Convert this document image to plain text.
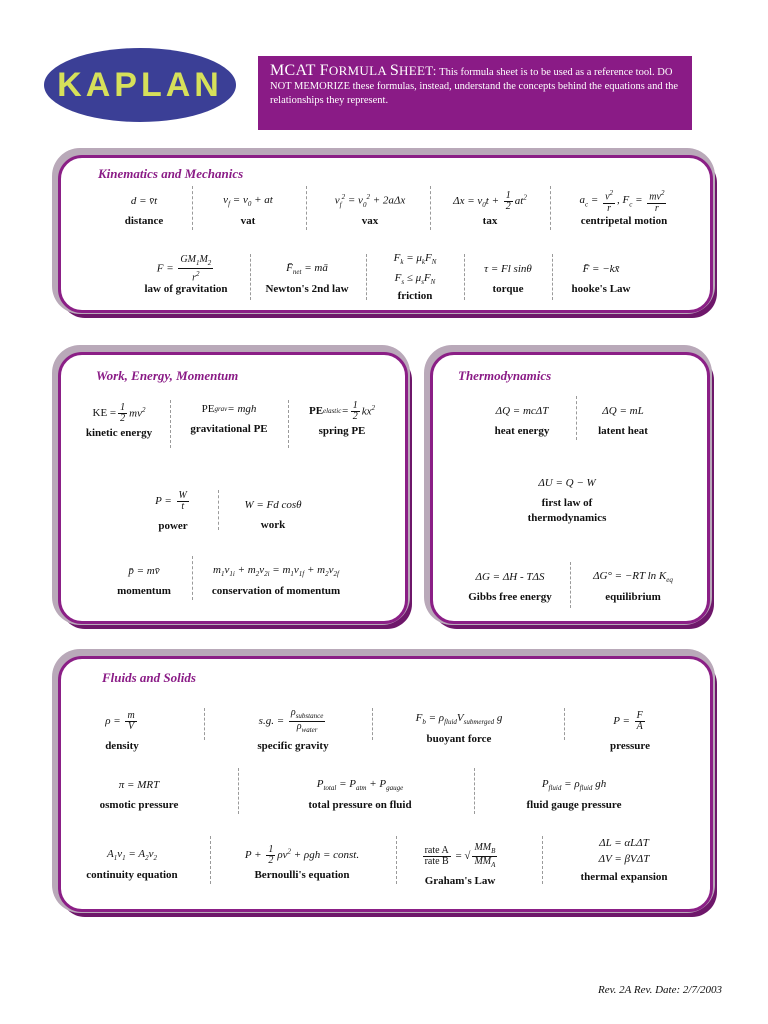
KAPLAN	MCAT FORMULA SHEET: This formula sheet is to be used as a reference tool. DO NOT MEMORIZE these formulas, instead, understand the concepts behind the equations and the relationships they represent.
Kinematics and Mechanics
d = v̄t
distance
$v_f = v_0$ + at
vat
$v_f^2 = v_0^2 + 2a\Delta x$
vax
$\Delta x = v_0t + \frac{1}{2} at^2$
tax
$a_c = \frac{v^2}{r}$ , $F_c = \frac{mv^2}{r}$
centripetal motion
$F = \frac{GM_1M_2}{r^2}$
law of gravitation
$F̄_{net}$ = mā
Newton's 2nd law
$F_k = \mu_kF_N$
$F_s \le \mu_sF_N$
friction
τ = Fl sinθ
torque
F̄ = −kx̄
hooke's Law
Work, Energy, Momentum
KE = $\frac{1}{2} mv^2$
kinetic energy
PE grav = mgh
gravitational PE
PE elastic = $\frac{1}{2} kx^2$
spring PE
$P = \frac{W}{t}$
power
W = Fd cosθ
work
p̄ = mv̄
momentum
$m_1v_{1i} + m_2v_{2i} = m_1v_{1f} + m_2v_{2f}$
conservation of momentum
Thermodynamics
ΔQ = mcΔT
heat energy
ΔQ = mL
latent heat
ΔU = Q − W
first law of
thermodynamics
ΔG = ΔH - TΔS
Gibbs free energy
ΔG° = −RT $\ln K_{eq}$
equilibrium
Fluids and Solids
$\rho = \frac{m}{V}$
density
s.g. = $\frac{\rho_{substance}}{\rho_{water}}$
specific gravity
$F_b = \rho_{fluid}V_{submerged}$ g
buoyant force
$P = \frac{F}{A}$
pressure
π = MRT
osmotic pressure
$P_{total} = P_{atm} + P_{gauge}$
total pressure on fluid
$P_{fluid} = \rho_{fluid}$ gh
fluid gauge pressure
$A_1v_1 = A_2v_2$
continuity equation
$P + \frac{1}{2} \rho v^2 + \rho gh$ = const.
Bernoulli's equation
$\frac{\text{rate A}}{\text{rate B}}$ = √ $\frac{MM_B}{MM_A}$
Graham's Law
ΔL = αLΔT
ΔV = βVΔT
thermal expansion
Rev. 2A Rev. Date: 2/7/2003
